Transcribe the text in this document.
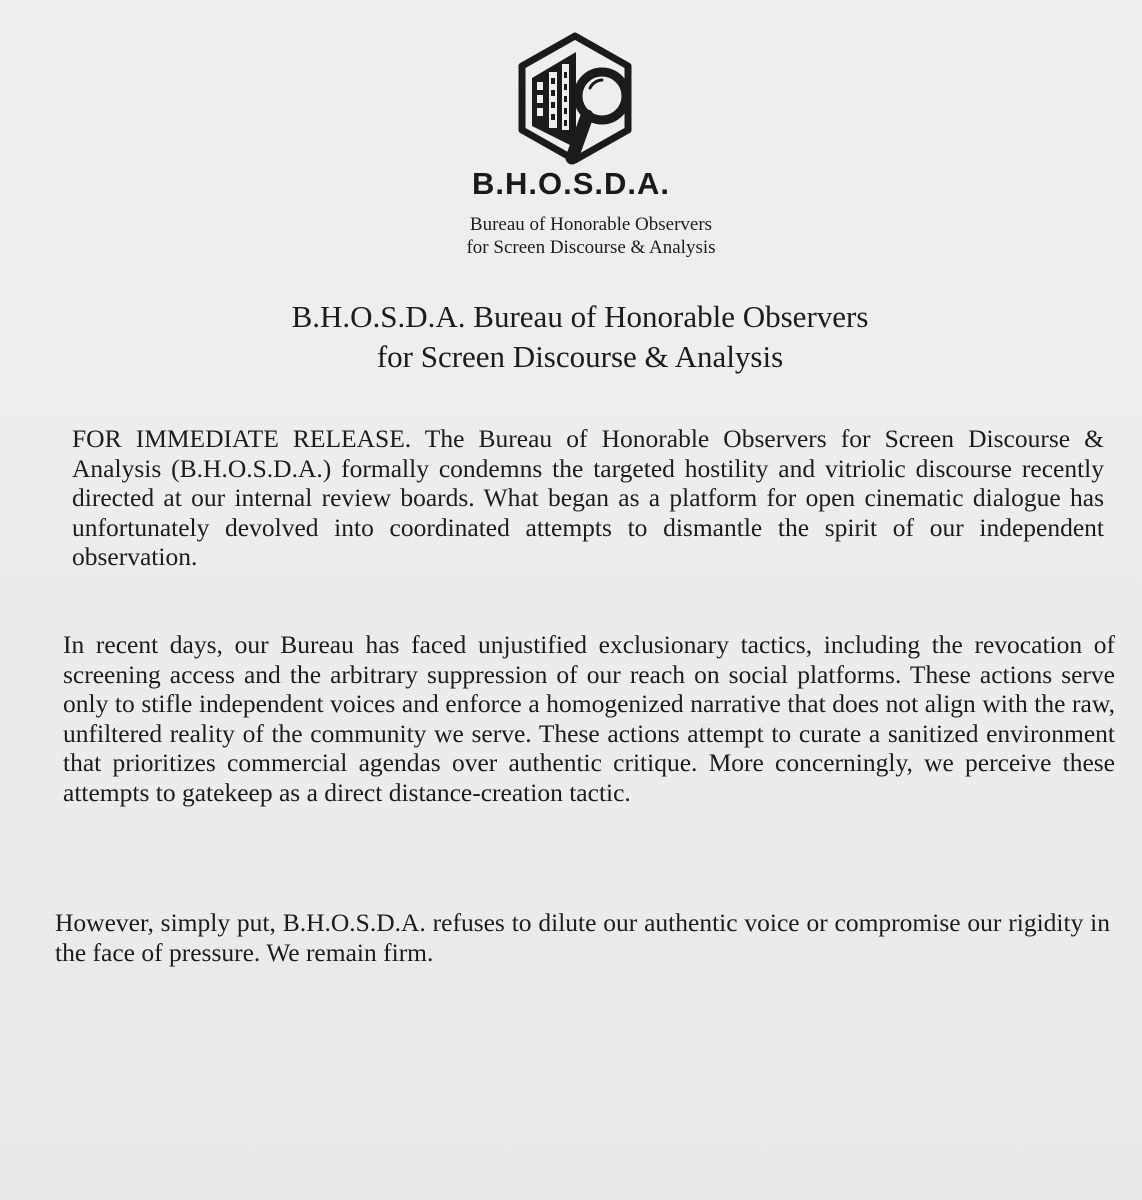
B.H.O.S.D.A.
Bureau of Honorable Observers
for Screen Discourse & Analysis
B.H.O.S.D.A. Bureau of Honorable Observers
for Screen Discourse & Analysis

FOR IMMEDIATE RELEASE. The Bureau of Honorable Observers for Screen Discourse & Analysis (B.H.O.S.D.A.) formally condemns the targeted hostility and vitriolic discourse recently directed at our internal review boards. What began as a platform for open cinematic dialogue has unfortunately devolved into coordinated attempts to dismantle the spirit of our independent observation.

In recent days, our Bureau has faced unjustified exclusionary tactics, including the revocation of screening access and the arbitrary suppression of our reach on social platforms. These actions serve only to stifle independent voices and enforce a homogenized narrative that does not align with the raw, unfiltered reality of the community we serve. These actions attempt to curate a sanitized environment that prioritizes commercial agendas over authentic critique. More concerningly, we perceive these attempts to gatekeep as a direct distance-creation tactic.

However, simply put, B.H.O.S.D.A. refuses to dilute our authentic voice or compromise our rigidity in the face of pressure. We remain firm.
